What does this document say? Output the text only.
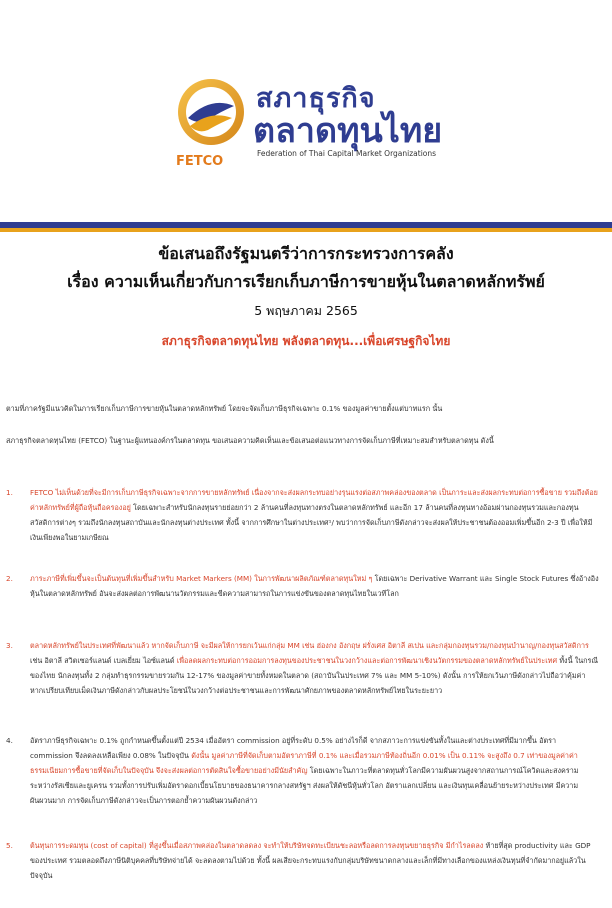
FETCO
สภาธุรกิจ
ตลาดทุนไทย
Federation of Thai Capital Market Organizations
ข้อเสนอถึงรัฐมนตรีว่าการกระทรวงการคลัง
เรื่อง ความเห็นเกี่ยวกับการเรียกเก็บภาษีการขายหุ้นในตลาดหลักทรัพย์
5 พฤษภาคม 2565
สภาธุรกิจตลาดทุนไทย พลังตลาดทุน...เพื่อเศรษฐกิจไทย
ตามที่ภาครัฐมีแนวคิดในการเรียกเก็บภาษีการขายหุ้นในตลาดหลักทรัพย์ โดยจะจัดเก็บภาษีธุรกิจเฉพาะ 0.1% ของมูลค่าขายตั้งแต่บาทแรก นั้น
สภาธุรกิจตลาดทุนไทย (FETCO) ในฐานะผู้แทนองค์กรในตลาดทุน ขอเสนอความคิดเห็นและข้อเสนอต่อแนวทางการจัดเก็บภาษีที่เหมาะสมสำหรับตลาดทุน ดังนี้
1. FETCO ไม่เห็นด้วยที่จะมีการเก็บภาษีธุรกิจเฉพาะจากการขายหลักทรัพย์ เนื่องจากจะส่งผลกระทบอย่างรุนแรงต่อสภาพคล่องของตลาด เป็นภาระและส่งผลกระทบต่อการซื้อขาย รวมถึงต้อยค่าหลักทรัพย์ที่ผู้ถือหุ้นถือครองอยู่ โดยเฉพาะสำหรับนักลงทุนรายย่อยกว่า 2 ล้านคนที่ลงทุนทางตรงในตลาดหลักทรัพย์ และอีก 17 ล้านคนที่ลงทุนทางอ้อมผ่านกองทุนรวมและกองทุนสวัสดิการต่างๆ รวมถึงนักลงทุนสถาบันและนักลงทุนต่างประเทศ ทั้งนี้ จากการศึกษาในต่างประเทศ¹/ พบว่าการจัดเก็บภาษีดังกล่าวจะส่งผลให้ประชาชนต้องออมเพิ่มขึ้นอีก 2-3 ปี เพื่อให้มีเงินเพียงพอในยามเกษียณ
2. ภาระภาษีที่เพิ่มขึ้นจะเป็นต้นทุนที่เพิ่มขึ้นสำหรับ Market Markers (MM) ในการพัฒนาผลิตภัณฑ์ตลาดทุนใหม่ ๆ โดยเฉพาะ Derivative Warrant และ Single Stock Futures ซึ่งอ้างอิงหุ้นในตลาดหลักทรัพย์ อันจะส่งผลต่อการพัฒนานวัตกรรมและขีดความสามารถในการแข่งขันของตลาดทุนไทยในเวทีโลก
3. ตลาดหลักทรัพย์ในประเทศที่พัฒนาแล้ว หากจัดเก็บภาษี จะมีผลให้การยกเว้นแก่กลุ่ม MM เช่น ฮ่องกง อังกฤษ ฝรั่งเศส อิตาลี สเปน และกลุ่มกองทุนรวม/กองทุนบำนาญ/กองทุนสวัสดิการ เช่น อิตาลี สวิตเซอร์แลนด์ เบลเยี่ยม ไอซ์แลนด์ เพื่อลดผลกระทบต่อการออมการลงทุนของประชาชนในวงกว้างและต่อการพัฒนาเชิงนวัตกรรมของตลาดหลักทรัพย์ในประเทศ ทั้งนี้ ในกรณีของไทย นักลงทุนทั้ง 2 กลุ่มทำธุรกรรมขายรวมกัน 12-17% ของมูลค่าขายทั้งหมดในตลาด (สถาบันในประเทศ 7% และ MM 5-10%) ดังนั้น การให้ยกเว้นภาษีดังกล่าวไปถือว่าคุ้มค่า หากเปรียบเทียบเม็ดเงินภาษีดังกล่าวกับผลประโยชน์ในวงกว้างต่อประชาชนและการพัฒนาศักยภาพของตลาดหลักทรัพย์ไทยในระยะยาว
4. อัตราภาษีธุรกิจเฉพาะ 0.1% ถูกกำหนดขึ้นตั้งแต่ปี 2534 เมื่ออัตรา commission อยู่ที่ระดับ 0.5% อย่างไรก็ดี จากสภาวะการแข่งขันทั้งในและต่างประเทศที่มีมากขึ้น อัตรา commission จึงลดลงเหลือเพียง 0.08% ในปัจจุบัน ดังนั้น มูลค่าภาษีที่จัดเก็บตามอัตราภาษีที่ 0.1% และเมื่อรวมภาษีท้องถิ่นอีก 0.01% เป็น 0.11% จะสูงถึง 0.7 เท่าของมูลค่าค่าธรรมเนียมการซื้อขายที่จัดเก็บในปัจจุบัน จึงจะส่งผลต่อการตัดสินใจซื้อขายอย่างมีนัยสำคัญ โดยเฉพาะในภาวะที่ตลาดทุนทั่วโลกมีความผันผวนสูงจากสถานการณ์โควิดและสงครามระหว่างรัสเซียและยูเครน รวมทั้งการปรับเพิ่มอัตราดอกเบี้ยนโยบายของธนาคารกลางสหรัฐฯ ส่งผลให้ดัชนีหุ้นทั่วโลก อัตราแลกเปลี่ยน และเงินทุนเคลื่อนย้ายระหว่างประเทศ มีความผันผวนมาก การจัดเก็บภาษีดังกล่าวจะเป็นการตอกย้ำความผันผวนดังกล่าว
5. ต้นทุนการระดมทุน (cost of capital) ที่สูงขึ้นเมื่อสภาพคล่องในตลาดลดลง จะทำให้บริษัทจดทะเบียนชะลอหรือลดการลงทุนขยายธุรกิจ มีกำไรลดลง ท้ายที่สุด productivity และ GDP ของประเทศ รวมตลอดถึงภาษีนิติบุคคลที่บริษัทจ่ายได้ จะลดลงตามไปด้วย ทั้งนี้ ผลเสียจะกระทบแรงกับกลุ่มบริษัทขนาดกลางและเล็กที่มีทางเลือกของแหล่งเงินทุนที่จำกัดมากอยู่แล้วในปัจจุบัน
